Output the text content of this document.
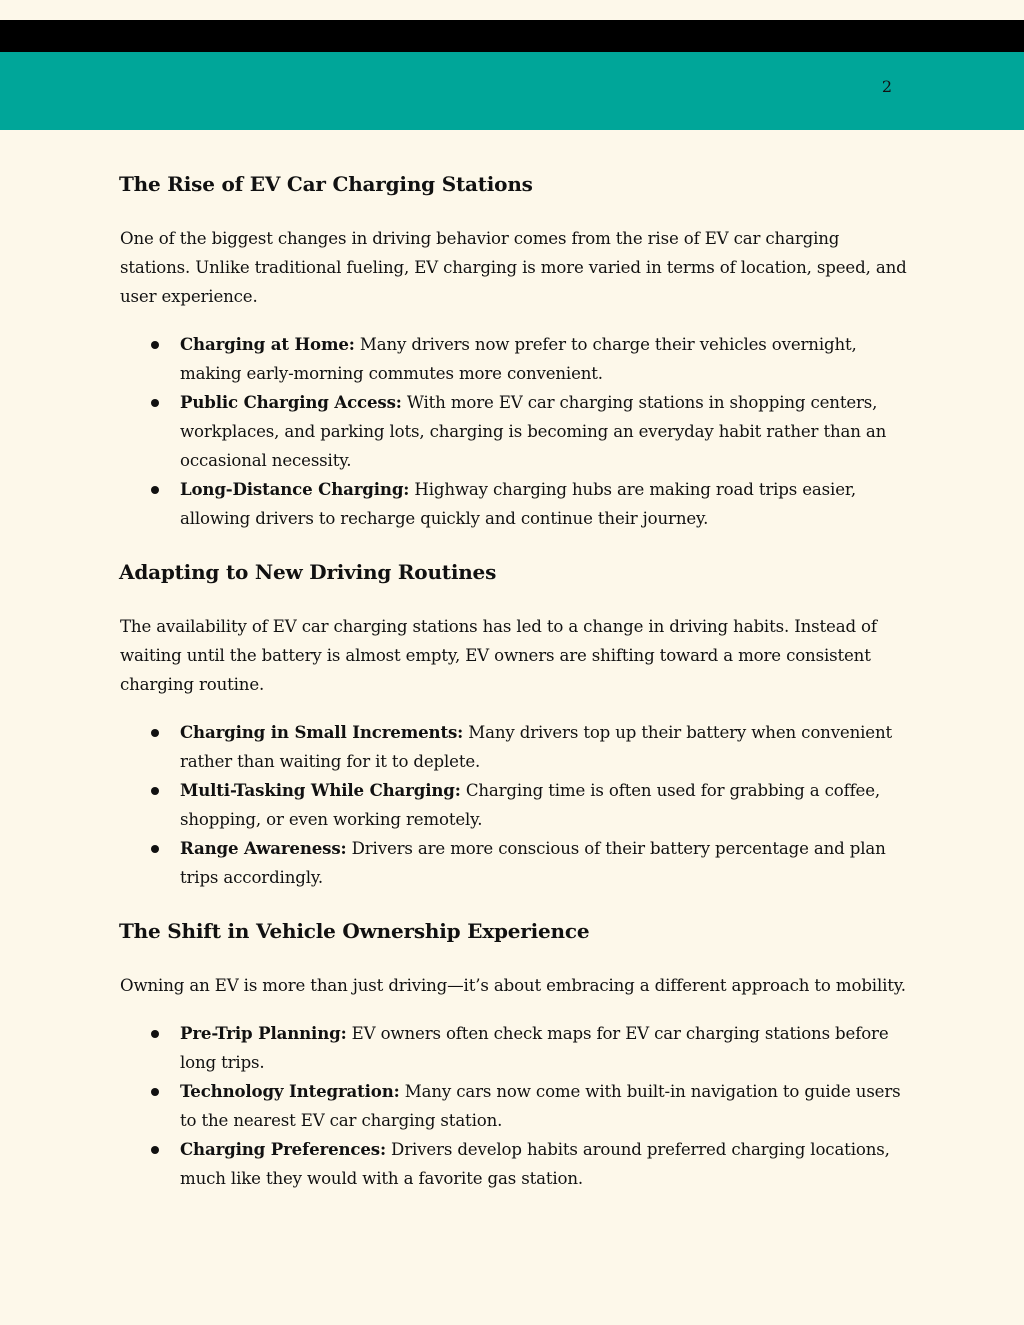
2
The Rise of EV Car Charging Stations

One of the biggest changes in driving behavior comes from the rise of EV car charging stations. Unlike traditional fueling, EV charging is more varied in terms of location, speed, and user experience.

Charging at Home: Many drivers now prefer to charge their vehicles overnight, making early-morning commutes more convenient.
Public Charging Access: With more EV car charging stations in shopping centers, workplaces, and parking lots, charging is becoming an everyday habit rather than an occasional necessity.
Long-Distance Charging: Highway charging hubs are making road trips easier, allowing drivers to recharge quickly and continue their journey.
Adapting to New Driving Routines

The availability of EV car charging stations has led to a change in driving habits. Instead of waiting until the battery is almost empty, EV owners are shifting toward a more consistent charging routine.

Charging in Small Increments: Many drivers top up their battery when convenient rather than waiting for it to deplete.
Multi-Tasking While Charging: Charging time is often used for grabbing a coffee, shopping, or even working remotely.
Range Awareness: Drivers are more conscious of their battery percentage and plan trips accordingly.
The Shift in Vehicle Ownership Experience

Owning an EV is more than just driving—it’s about embracing a different approach to mobility.

Pre-Trip Planning: EV owners often check maps for EV car charging stations before long trips.
Technology Integration: Many cars now come with built-in navigation to guide users to the nearest EV car charging station.
Charging Preferences: Drivers develop habits around preferred charging locations, much like they would with a favorite gas station.
